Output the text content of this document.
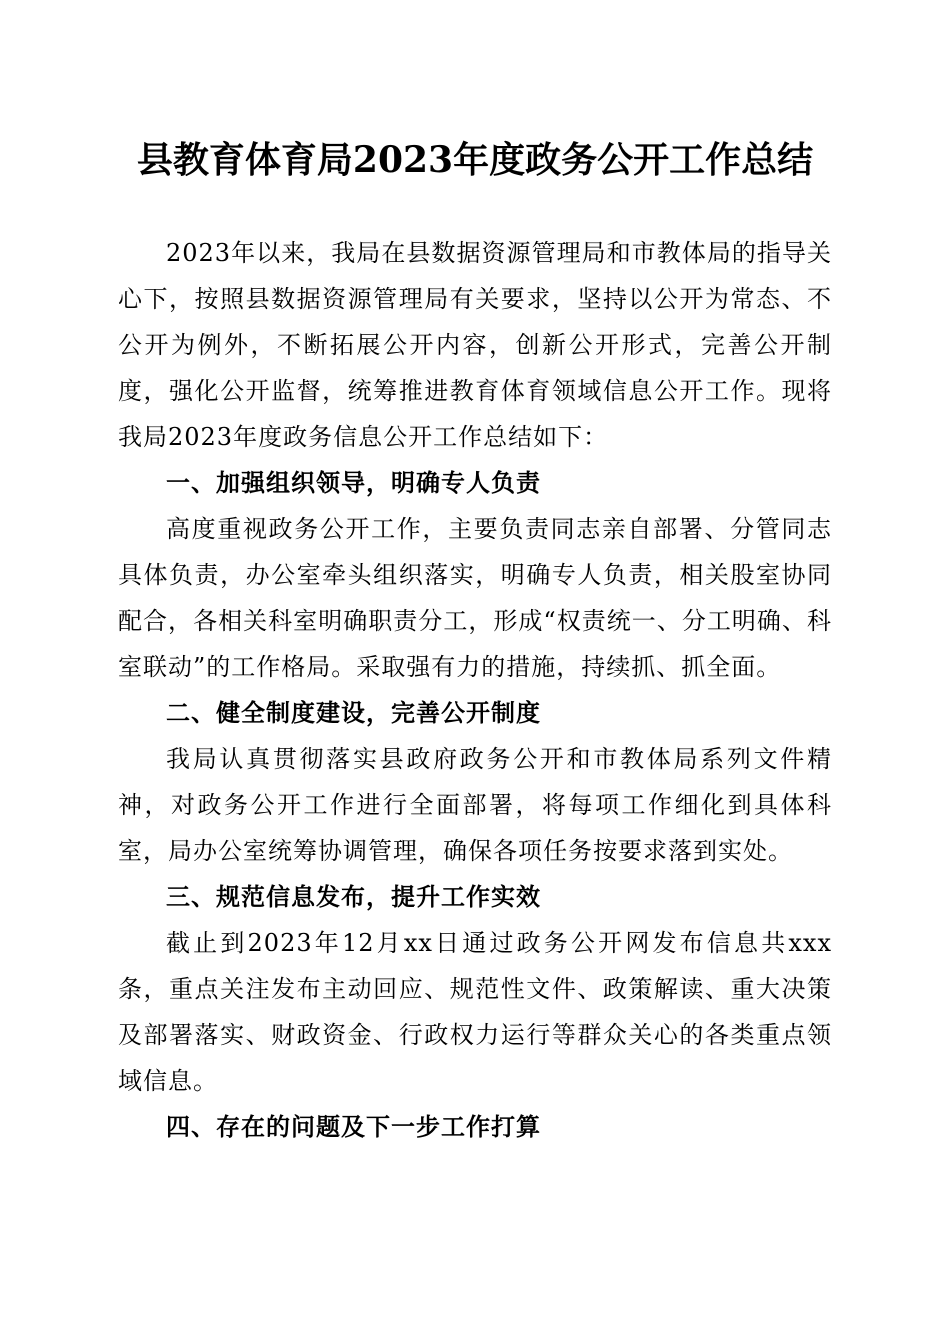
县教育体育局2023年度政务公开工作总结

2023年以来，我局在县数据资源管理局和市教体局的指导关心下，按照县数据资源管理局有关要求，坚持以公开为常态、不公开为例外，不断拓展公开内容，创新公开形式，完善公开制度，强化公开监督，统筹推进教育体育领域信息公开工作。现将我局2023年度政务信息公开工作总结如下：

一、加强组织领导，明确专人负责

高度重视政务公开工作，主要负责同志亲自部署、分管同志具体负责，办公室牵头组织落实，明确专人负责，相关股室协同配合，各相关科室明确职责分工，形成“权责统一、分工明确、科室联动”的工作格局。采取强有力的措施，持续抓、抓全面。

二、健全制度建设，完善公开制度

我局认真贯彻落实县政府政务公开和市教体局系列文件精神，对政务公开工作进行全面部署，将每项工作细化到具体科室，局办公室统筹协调管理，确保各项任务按要求落到实处。

三、规范信息发布，提升工作实效

截止到2023年12月xx日通过政务公开网发布信息共xxx条，重点关注发布主动回应、规范性文件、政策解读、重大决策及部署落实、财政资金、行政权力运行等群众关心的各类重点领域信息。

四、存在的问题及下一步工作打算
